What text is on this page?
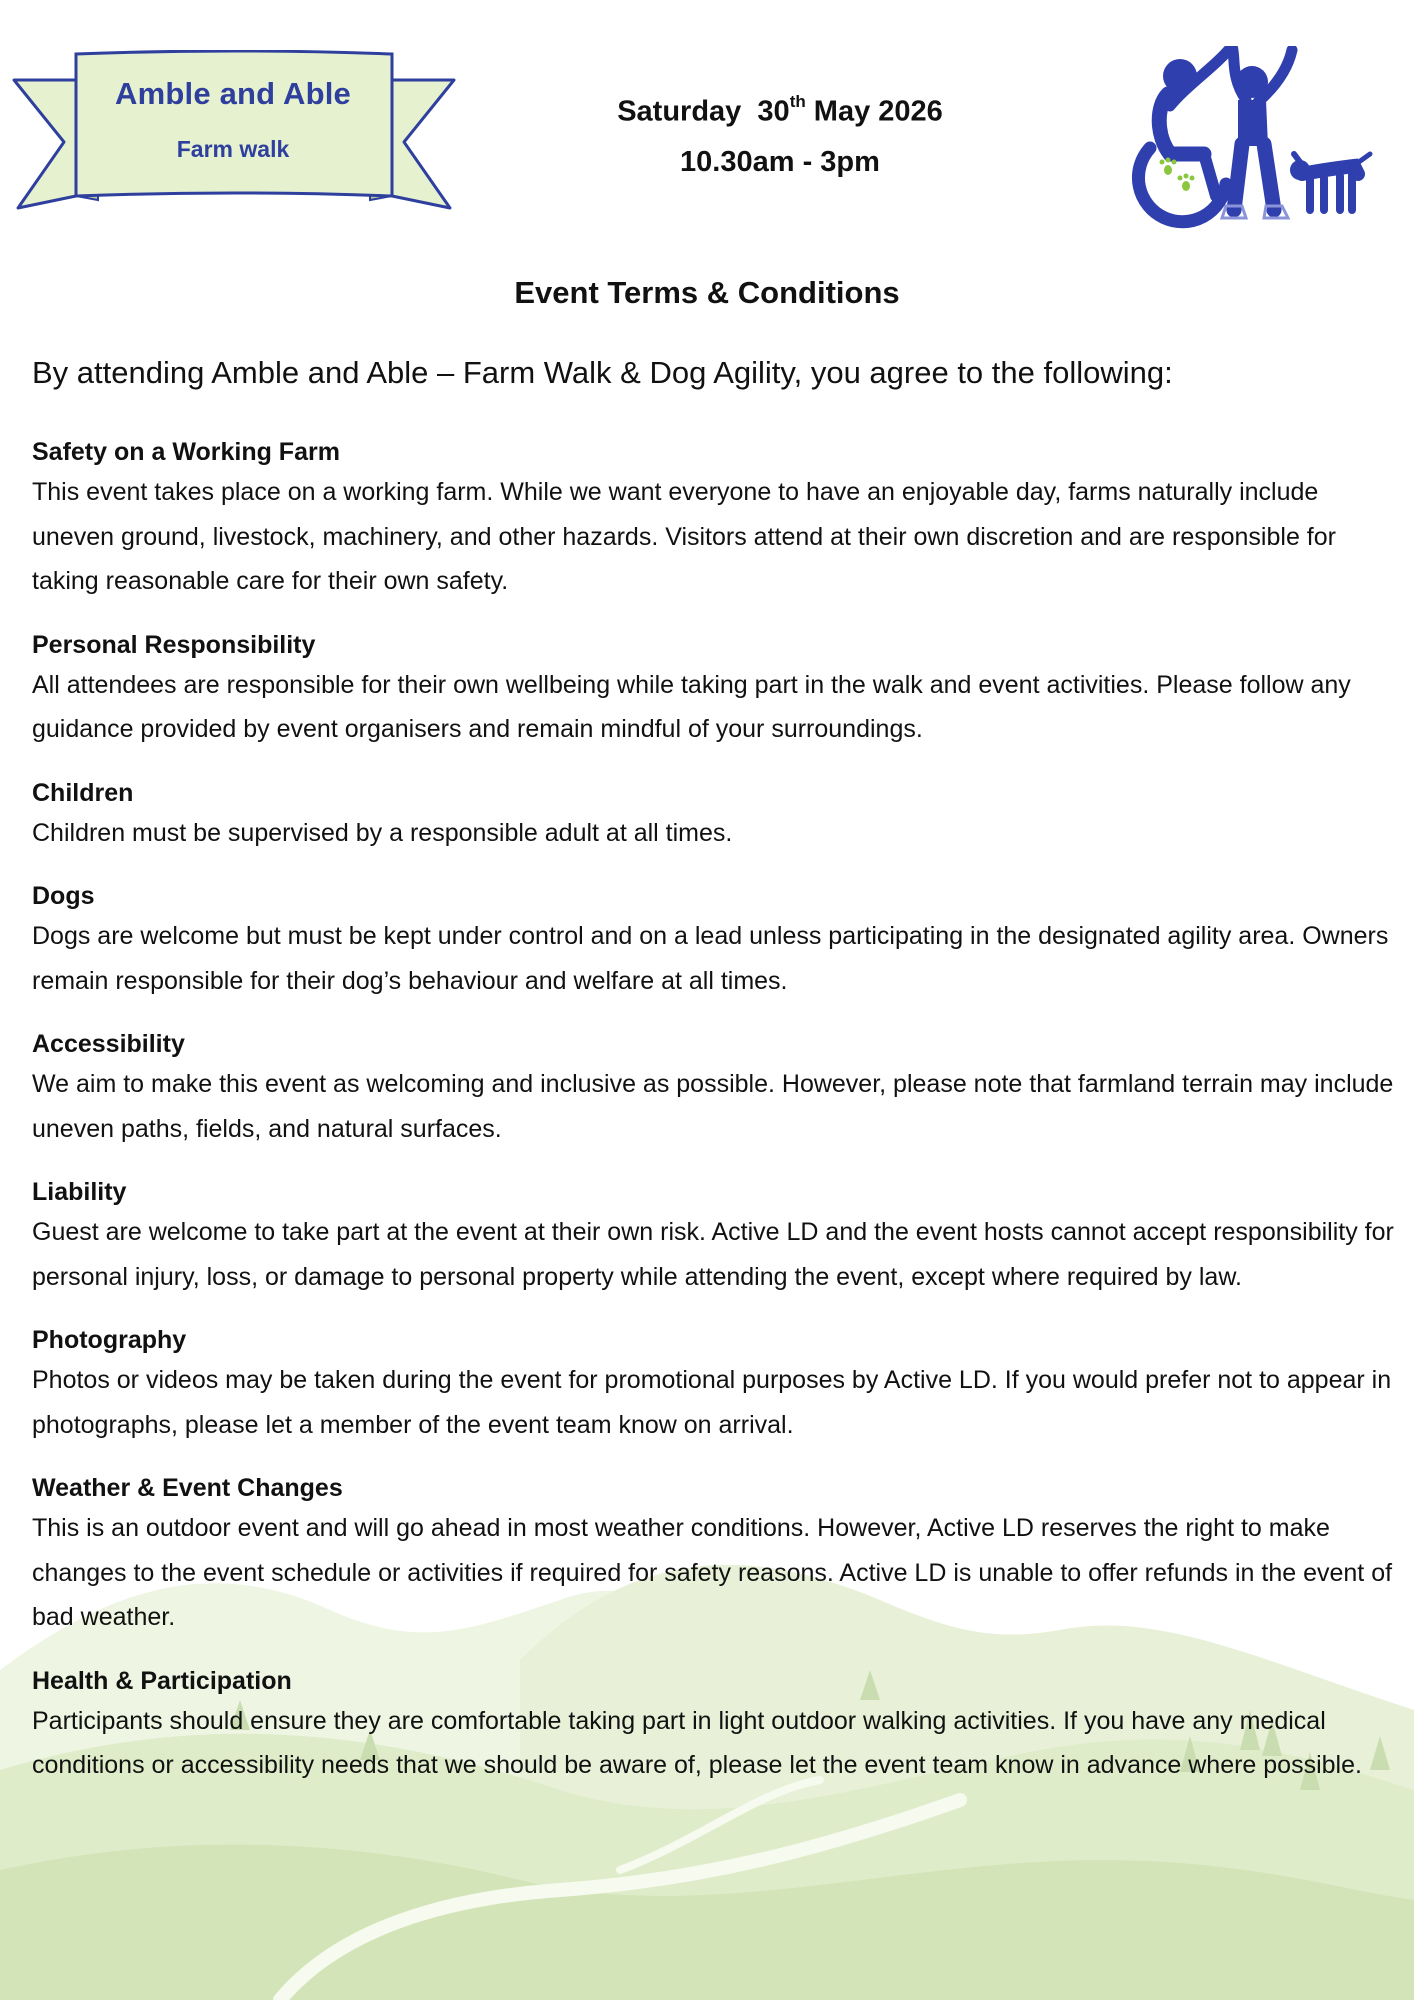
Amble and Able
Farm walk
Saturday 30th May 2026
10.30am - 3pm
Event Terms & Conditions
By attending Amble and Able – Farm Walk & Dog Agility, you agree to the following:
Safety on a Working Farm

This event takes place on a working farm. While we want everyone to have an enjoyable day, farms naturally include uneven ground, livestock, machinery, and other hazards. Visitors attend at their own discretion and are responsible for taking reasonable care for their own safety.

Personal Responsibility

All attendees are responsible for their own wellbeing while taking part in the walk and event activities. Please follow any guidance provided by event organisers and remain mindful of your surroundings.

Children

Children must be supervised by a responsible adult at all times.

Dogs

Dogs are welcome but must be kept under control and on a lead unless participating in the designated agility area. Owners remain responsible for their dog’s behaviour and welfare at all times.

Accessibility

We aim to make this event as welcoming and inclusive as possible. However, please note that farmland terrain may include uneven paths, fields, and natural surfaces.

Liability

Guest are welcome to take part at the event at their own risk. Active LD and the event hosts cannot accept responsibility for personal injury, loss, or damage to personal property while attending the event, except where required by law.

Photography

Photos or videos may be taken during the event for promotional purposes by Active LD. If you would prefer not to appear in photographs, please let a member of the event team know on arrival.

Weather & Event Changes

This is an outdoor event and will go ahead in most weather conditions. However, Active LD reserves the right to make changes to the event schedule or activities if required for safety reasons. Active LD is unable to offer refunds in the event of bad weather.

Health & Participation

Participants should ensure they are comfortable taking part in light outdoor walking activities. If you have any medical conditions or accessibility needs that we should be aware of, please let the event team know in advance where possible.
